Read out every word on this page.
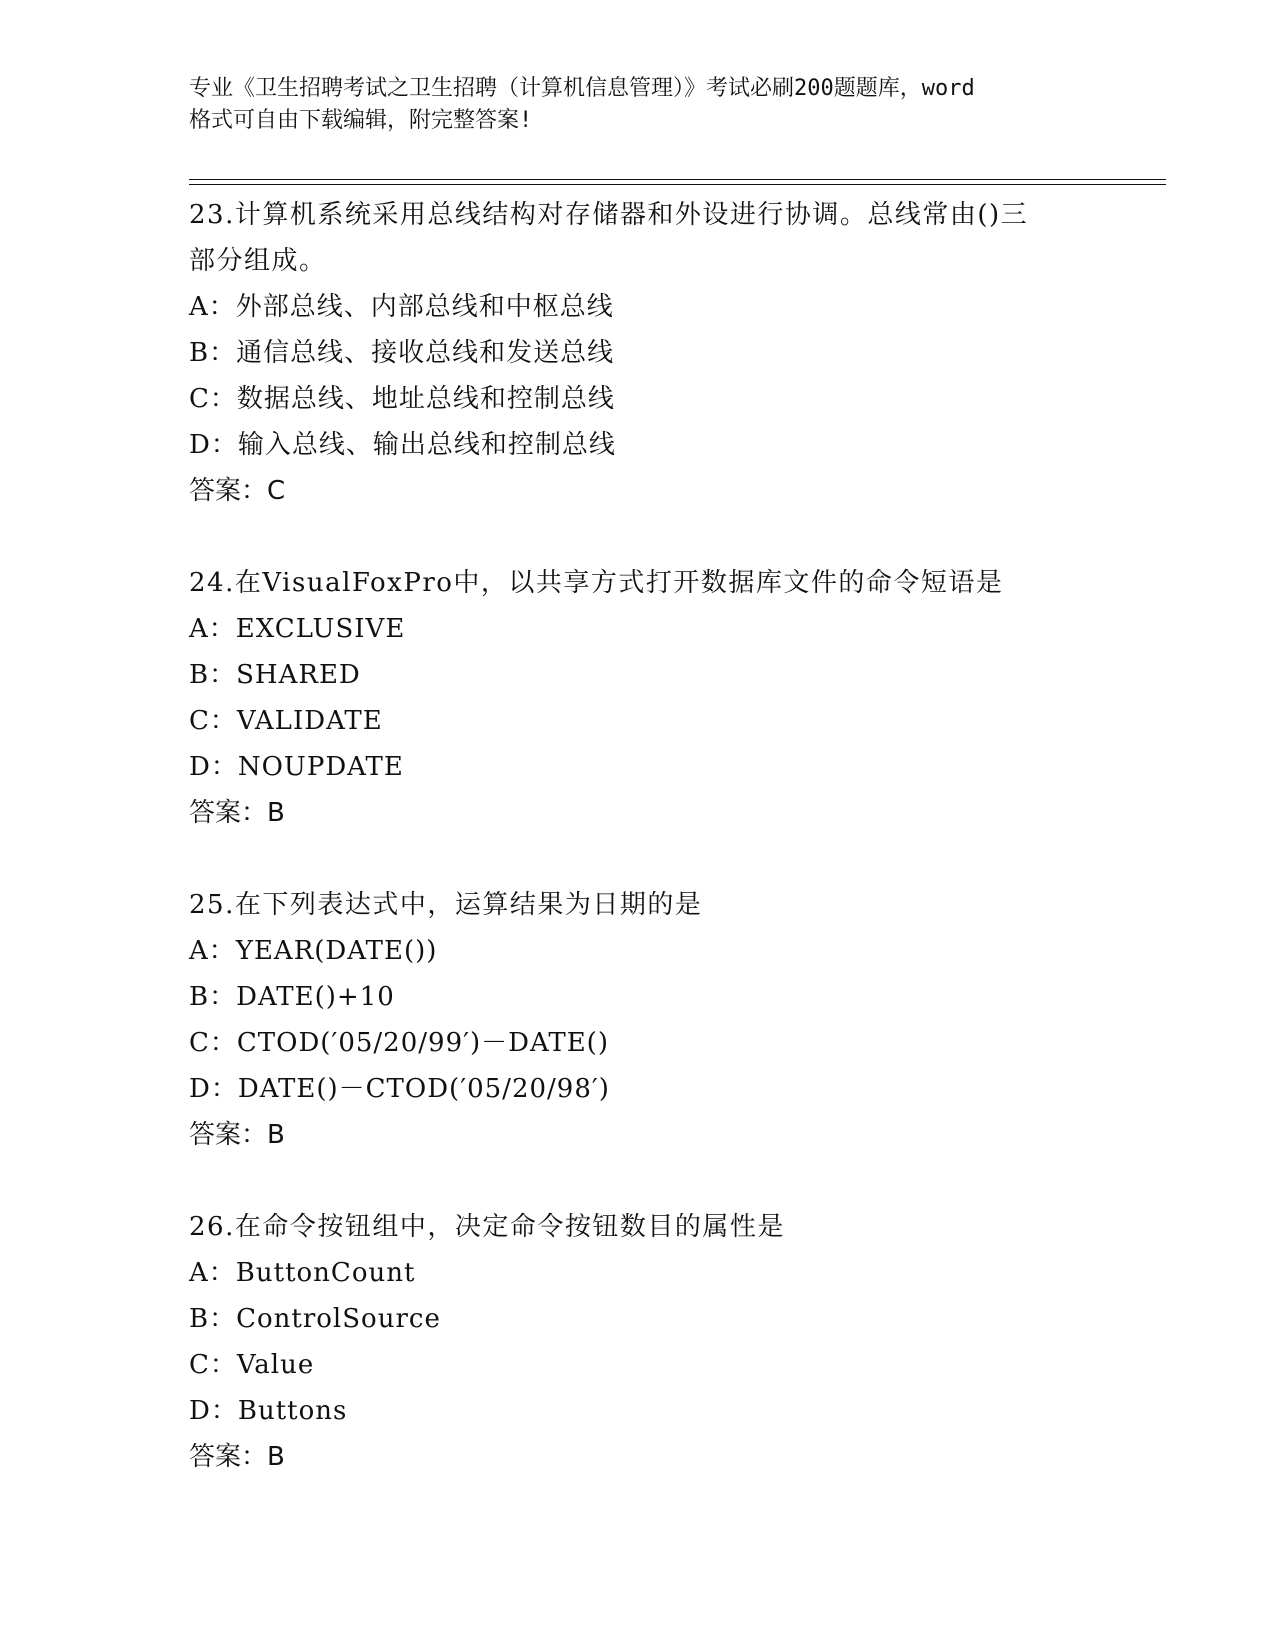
专业《卫生招聘考试之卫生招聘（计算机信息管理）》考试必刷200题题库，word
格式可自由下载编辑，附完整答案!
23.计算机系统采用总线结构对存储器和外设进行协调。总线常由()三
部分组成。
A：外部总线、内部总线和中枢总线
B：通信总线、接收总线和发送总线
C：数据总线、地址总线和控制总线
D：输入总线、输出总线和控制总线
答案：C
24.在VisualFoxPro中，以共享方式打开数据库文件的命令短语是
A：EXCLUSIVE
B：SHARED
C：VALIDATE
D：NOUPDATE
答案：B
25.在下列表达式中，运算结果为日期的是
A：YEAR(DATE())
B：DATE()+10
C：CTOD(′05/20/99′)－DATE()
D：DATE()－CTOD(′05/20/98′)
答案：B
26.在命令按钮组中，决定命令按钮数目的属性是
A：ButtonCount
B：ControlSource
C：Value
D：Buttons
答案：B
